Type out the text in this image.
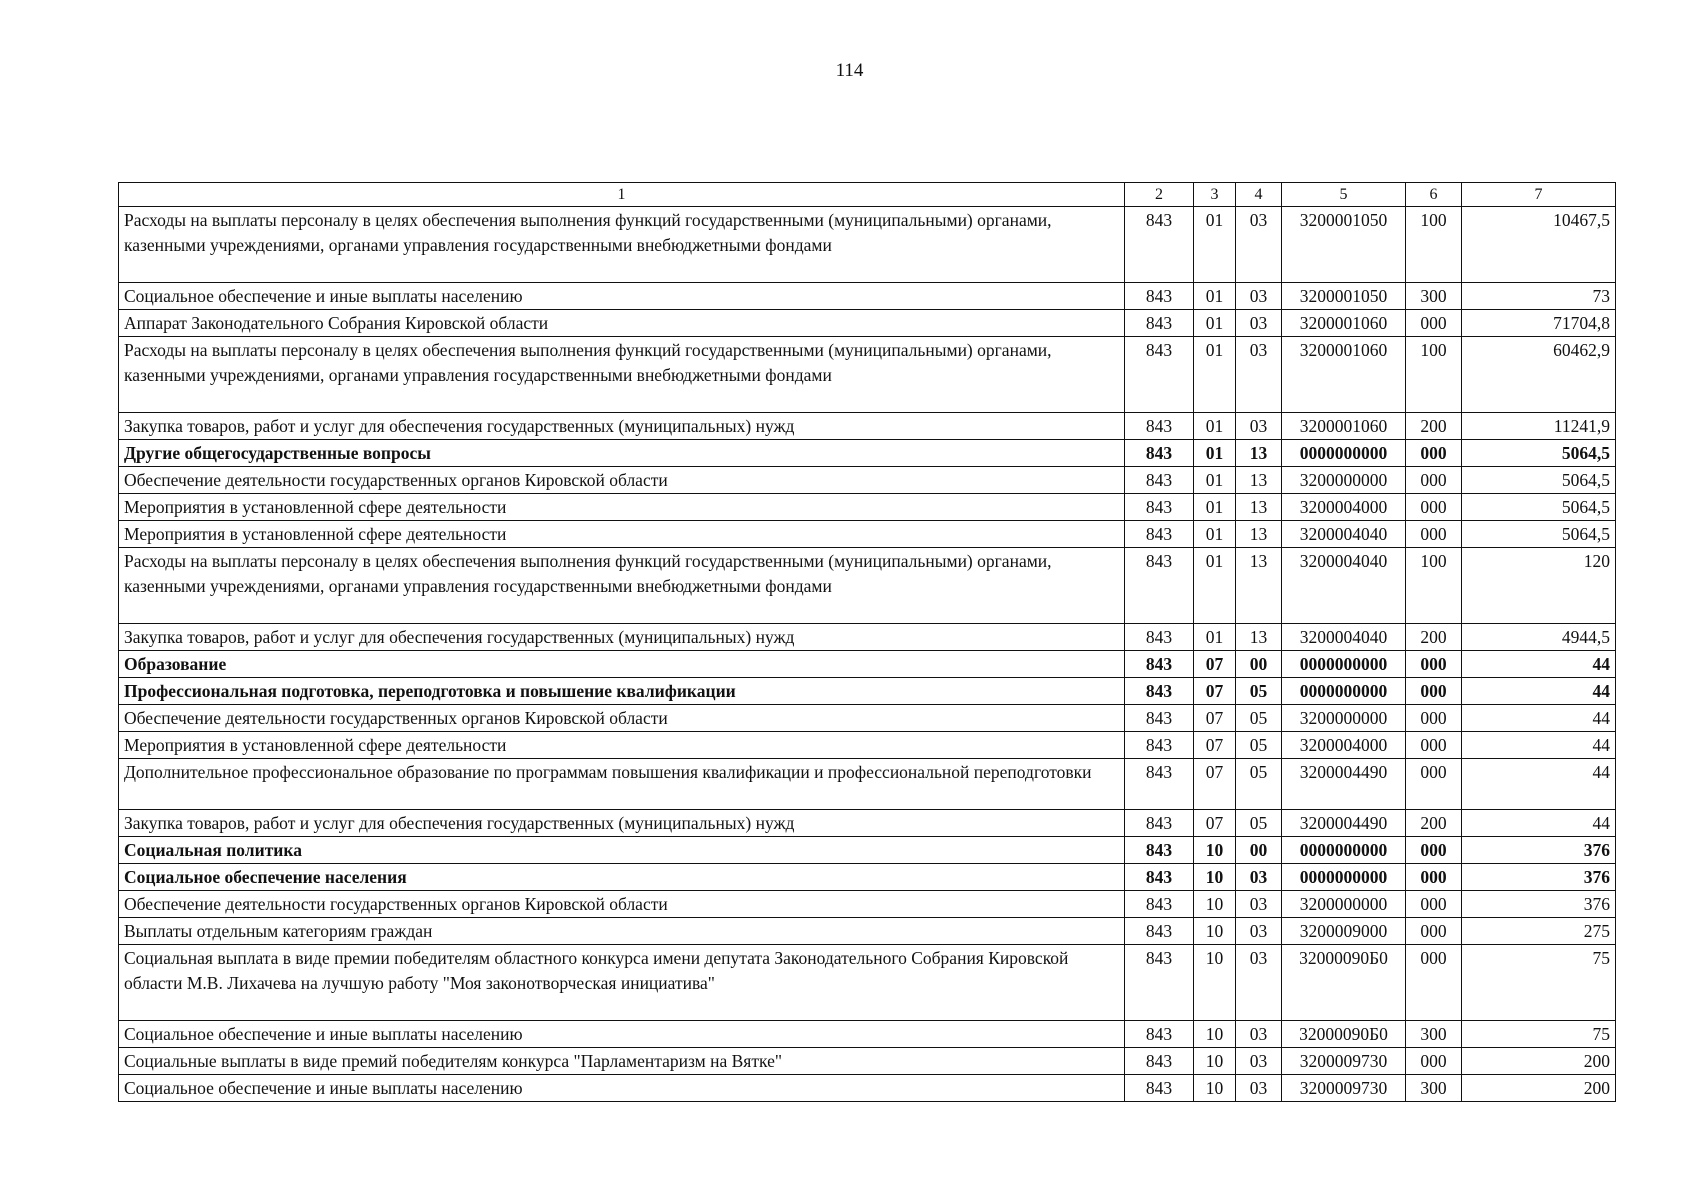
114
1	2	3	4	5	6	7
Расходы на выплаты персоналу в целях обеспечения выполнения функций государственными (муниципальными) органами, казенными учреждениями, органами управления государственными внебюджетными фондами	843	01	03	3200001050	100	10467,5
Социальное обеспечение и иные выплаты населению	843	01	03	3200001050	300	73
Аппарат Законодательного Собрания Кировской области	843	01	03	3200001060	000	71704,8
Расходы на выплаты персоналу в целях обеспечения выполнения функций государственными (муниципальными) органами, казенными учреждениями, органами управления государственными внебюджетными фондами	843	01	03	3200001060	100	60462,9
Закупка товаров, работ и услуг для обеспечения государственных (муниципальных) нужд	843	01	03	3200001060	200	11241,9
Другие общегосударственные вопросы	843	01	13	0000000000	000	5064,5
Обеспечение деятельности государственных органов Кировской области	843	01	13	3200000000	000	5064,5
Мероприятия в установленной сфере деятельности	843	01	13	3200004000	000	5064,5
Мероприятия в установленной сфере деятельности	843	01	13	3200004040	000	5064,5
Расходы на выплаты персоналу в целях обеспечения выполнения функций государственными (муниципальными) органами, казенными учреждениями, органами управления государственными внебюджетными фондами	843	01	13	3200004040	100	120
Закупка товаров, работ и услуг для обеспечения государственных (муниципальных) нужд	843	01	13	3200004040	200	4944,5
Образование	843	07	00	0000000000	000	44
Профессиональная подготовка, переподготовка и повышение квалификации	843	07	05	0000000000	000	44
Обеспечение деятельности государственных органов Кировской области	843	07	05	3200000000	000	44
Мероприятия в установленной сфере деятельности	843	07	05	3200004000	000	44
Дополнительное профессиональное образование по программам повышения квалификации и профессиональной переподготовки	843	07	05	3200004490	000	44
Закупка товаров, работ и услуг для обеспечения государственных (муниципальных) нужд	843	07	05	3200004490	200	44
Социальная политика	843	10	00	0000000000	000	376
Социальное обеспечение населения	843	10	03	0000000000	000	376
Обеспечение деятельности государственных органов Кировской области	843	10	03	3200000000	000	376
Выплаты отдельным категориям граждан	843	10	03	3200009000	000	275
Социальная выплата в виде премии победителям областного конкурса имени депутата Законодательного Собрания Кировской области М.В. Лихачева на лучшую работу "Моя законотворческая инициатива"	843	10	03	32000090Б0	000	75
Социальное обеспечение и иные выплаты населению	843	10	03	32000090Б0	300	75
Социальные выплаты в виде премий победителям конкурса "Парламентаризм на Вятке"	843	10	03	3200009730	000	200
Социальное обеспечение и иные выплаты населению	843	10	03	3200009730	300	200
